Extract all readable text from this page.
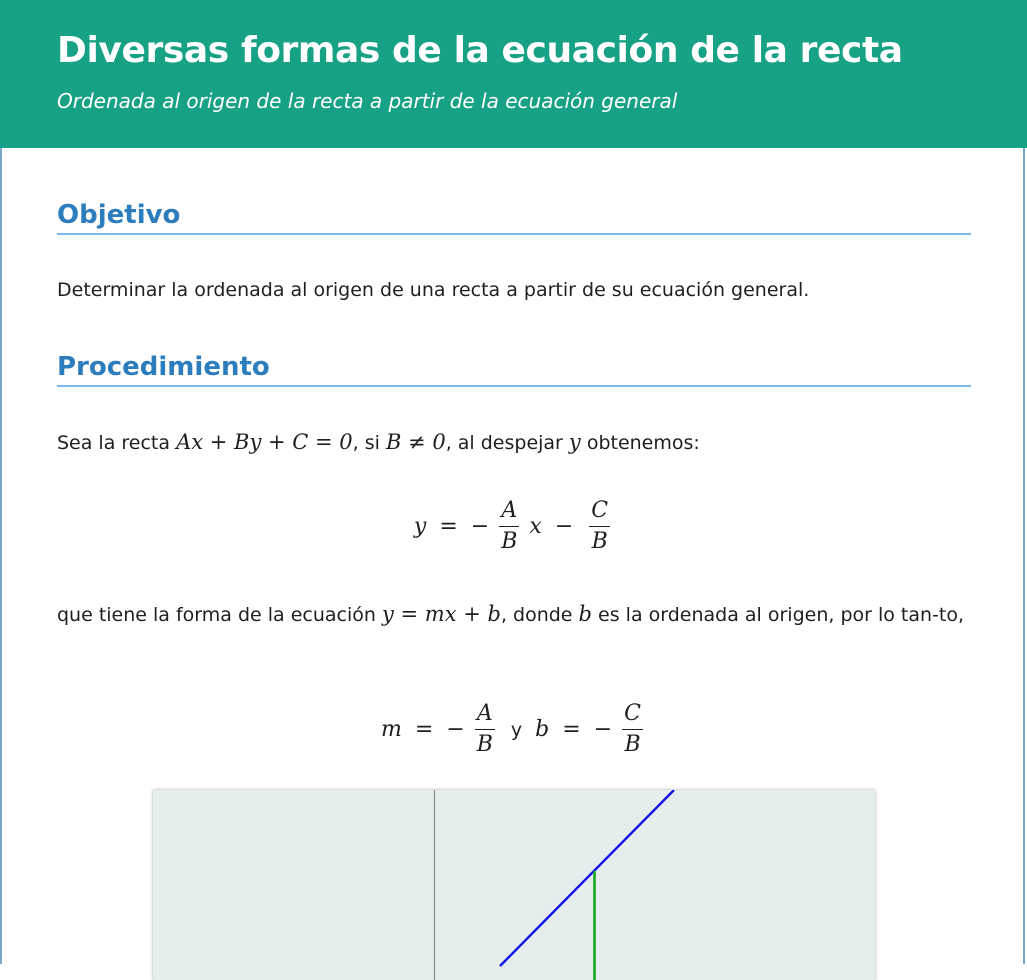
Diversas formas de la ecuación de la recta

Ordenada al origen de la recta a partir de la ecuación general

Objetivo

Determinar la ordenada al origen de una recta a partir de su ecuación general.

Procedimiento

Sea la recta Ax + By + C = 0, si B ≠ 0, al despejar y obtenemos:

y = − $\frac{A}{B}$ $x - \frac{C}{B}$

que tiene la forma de la ecuación y = mx + b, donde b es la ordenada al origen, por lo tan-to,

m = − $\frac{A}{B}$ y b = − $\frac{C}{B}$
